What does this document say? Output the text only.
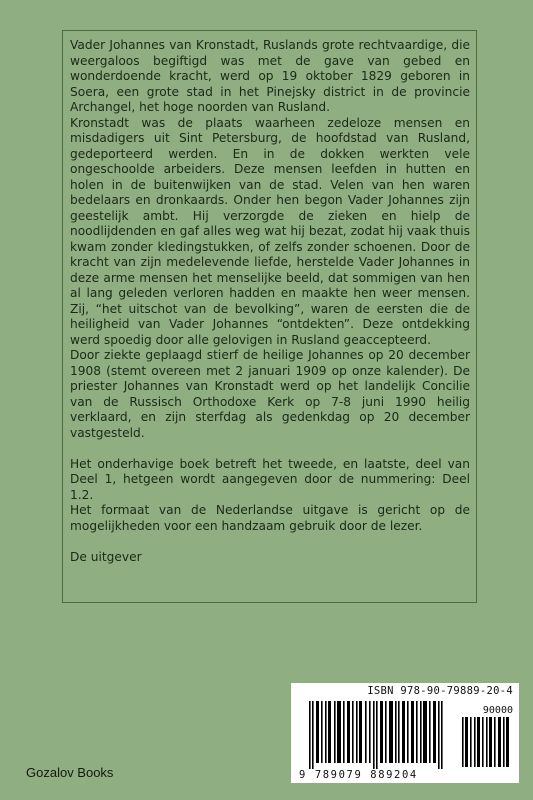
Vader Johannes van Kronstadt, Ruslands grote rechtvaardige, die weergaloos begiftigd was met de gave van gebed en wonderdoende kracht, werd op 19 oktober 1829 geboren in Soera, een grote stad in het Pinejsky district in de provincie Archangel, het hoge noorden van Rusland.

Kronstadt was de plaats waarheen zedeloze mensen en misdadigers uit Sint Petersburg, de hoofdstad van Rusland, gedeporteerd werden. En in de dokken werkten vele ongeschoolde arbeiders. Deze mensen leefden in hutten en holen in de buitenwijken van de stad. Velen van hen waren bedelaars en dronkaards. Onder hen begon Vader Johannes zijn geestelijk ambt. Hij verzorgde de zieken en hielp de noodlijdenden en gaf alles weg wat hij bezat, zodat hij vaak thuis kwam zonder kledingstukken, of zelfs zonder schoenen. Door de kracht van zijn medelevende liefde, herstelde Vader Johannes in deze arme mensen het menselijke beeld, dat sommigen van hen al lang geleden verloren hadden en maakte hen weer mensen. Zij, “het uitschot van de bevolking”, waren de eersten die de heiligheid van Vader Johannes “ontdekten”. Deze ontdekking werd spoedig door alle gelovigen in Rusland geaccepteerd.

Door ziekte geplaagd stierf de heilige Johannes op 20 december 1908 (stemt overeen met 2 januari 1909 op onze kalender). De priester Johannes van Kronstadt werd op het landelijk Concilie van de Russisch Orthodoxe Kerk op 7-8 juni 1990 heilig verklaard, en zijn sterfdag als gedenkdag op 20 december vastgesteld.

Het onderhavige boek betreft het tweede, en laatste, deel van Deel 1, hetgeen wordt aangegeven door de nummering: Deel 1.2.

Het formaat van de Nederlandse uitgave is gericht op de mogelijkheden voor een handzaam gebruik door de lezer.

De uitgever

Gozalov Books
ISBN 978-90-79889-20-4
90000
9 789079 889204
